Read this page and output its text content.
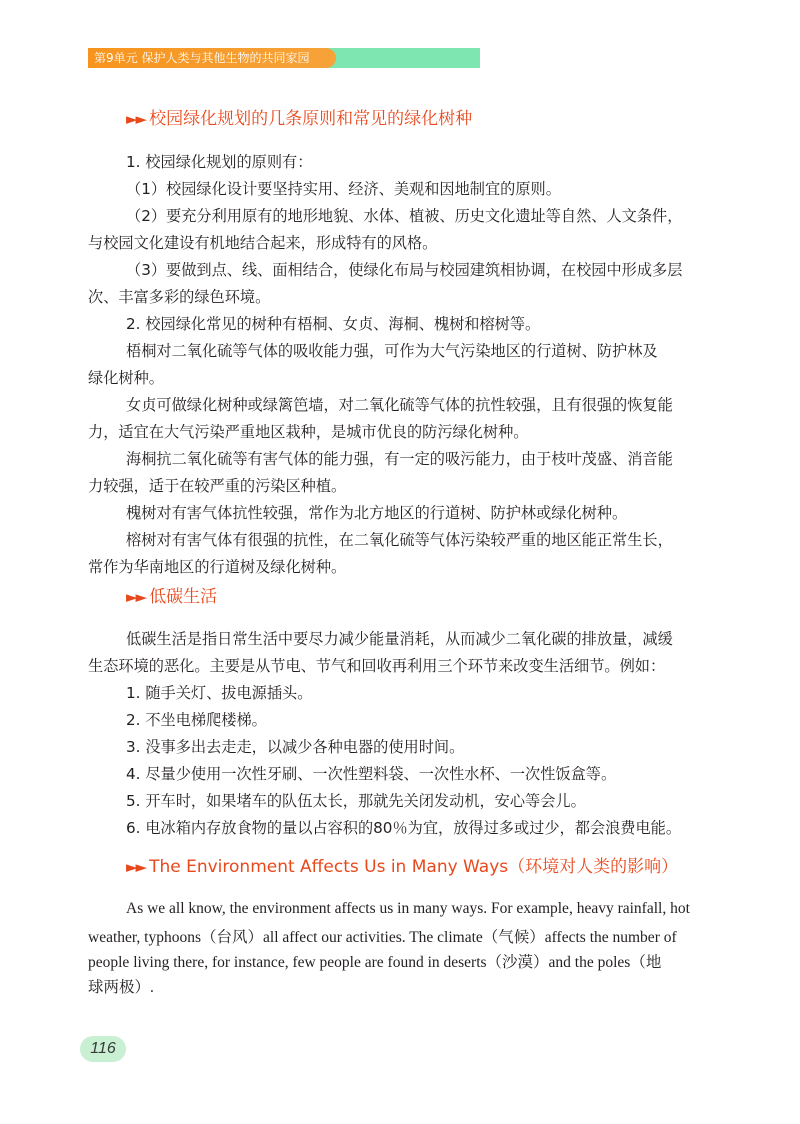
第9单元 保护人类与其他生物的共同家园
►► 校园绿化规划的几条原则和常见的绿化树种
1. 校园绿化规划的原则有：
（1）校园绿化设计要坚持实用、经济、美观和因地制宜的原则。
（2）要充分利用原有的地形地貌、水体、植被、历史文化遗址等自然、人文条件，
与校园文化建设有机地结合起来，形成特有的风格。
（3）要做到点、线、面相结合，使绿化布局与校园建筑相协调，在校园中形成多层
次、丰富多彩的绿色环境。
2. 校园绿化常见的树种有梧桐、女贞、海桐、槐树和榕树等。
梧桐对二氧化硫等气体的吸收能力强，可作为大气污染地区的行道树、防护林及
绿化树种。
女贞可做绿化树种或绿篱笆墙，对二氧化硫等气体的抗性较强，且有很强的恢复能
力，适宜在大气污染严重地区栽种，是城市优良的防污绿化树种。
海桐抗二氧化硫等有害气体的能力强，有一定的吸污能力，由于枝叶茂盛、消音能
力较强，适于在较严重的污染区种植。
槐树对有害气体抗性较强，常作为北方地区的行道树、防护林或绿化树种。
榕树对有害气体有很强的抗性，在二氧化硫等气体污染较严重的地区能正常生长，
常作为华南地区的行道树及绿化树种。
►► 低碳生活
低碳生活是指日常生活中要尽力减少能量消耗，从而减少二氧化碳的排放量，减缓
生态环境的恶化。主要是从节电、节气和回收再利用三个环节来改变生活细节。例如：
1. 随手关灯、拔电源插头。
2. 不坐电梯爬楼梯。
3. 没事多出去走走，以减少各种电器的使用时间。
4. 尽量少使用一次性牙刷、一次性塑料袋、一次性水杯、一次性饭盒等。
5. 开车时，如果堵车的队伍太长，那就先关闭发动机，安心等会儿。
6. 电冰箱内存放食物的量以占容积的80％为宜，放得过多或过少，都会浪费电能。
►► The Environment Affects Us in Many Ways（环境对人类的影响）
As we all know, the environment affects us in many ways. For example, heavy rainfall, hot
weather, typhoons（台风）all affect our activities. The climate（气候）affects the number of
people living there, for instance, few people are found in deserts（沙漠）and the poles（地
球两极）.
116
